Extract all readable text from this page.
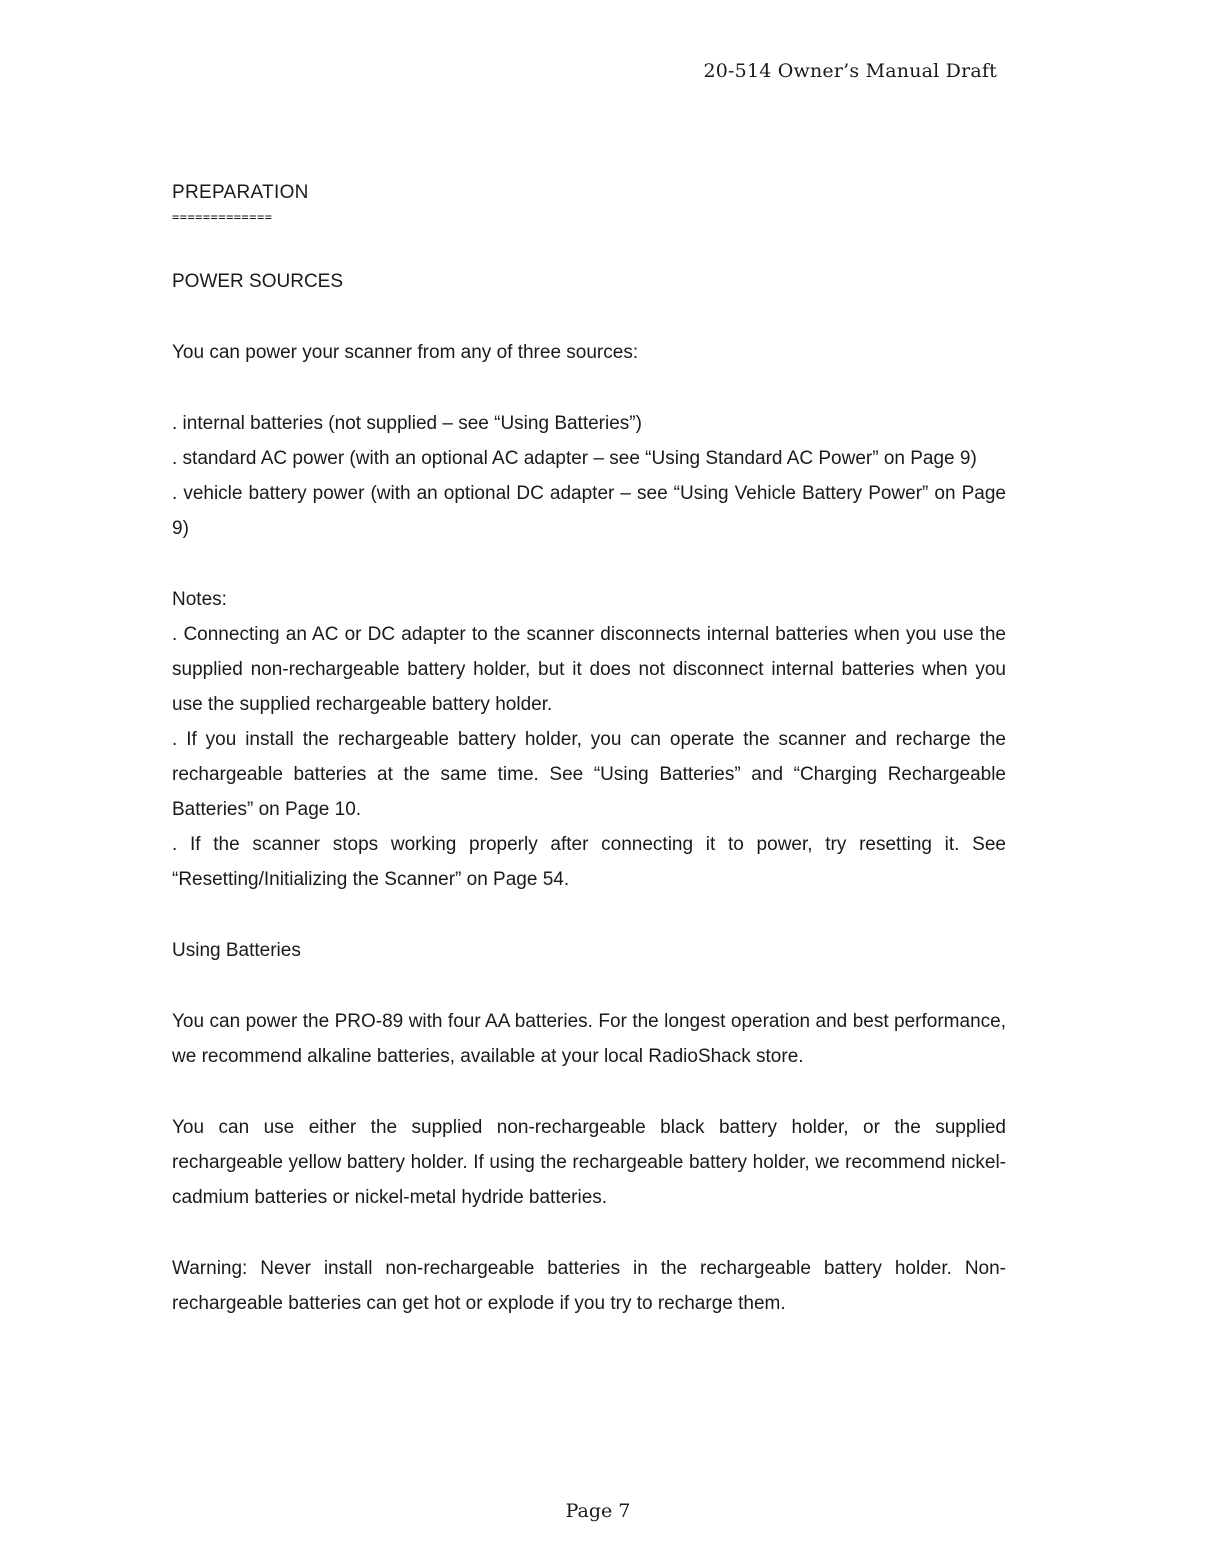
20-514 Owner’s Manual Draft
PREPARATION
=============
POWER SOURCES

You can power your scanner from any of three sources:

. internal batteries (not supplied – see “Using Batteries”)
. standard AC power (with an optional AC adapter – see “Using Standard AC Power” on Page 9)
. vehicle battery power (with an optional DC adapter – see “Using Vehicle Battery Power” on Page 9)

Notes:

. Connecting an AC or DC adapter to the scanner disconnects internal batteries when you use the supplied non-rechargeable battery holder, but it does not disconnect internal batteries when you use the supplied rechargeable battery holder.
. If you install the rechargeable battery holder, you can operate the scanner and recharge the rechargeable batteries at the same time. See “Using Batteries” and “Charging Rechargeable Batteries” on Page 10.
. If the scanner stops working properly after connecting it to power, try resetting it. See “Resetting/Initializing the Scanner” on Page 54.
Using Batteries

You can power the PRO-89 with four AA batteries. For the longest operation and best performance, we recommend alkaline batteries, available at your local RadioShack store.

You can use either the supplied non-rechargeable black battery holder, or the supplied rechargeable yellow battery holder. If using the rechargeable battery holder, we recommend nickel-cadmium batteries or nickel-metal hydride batteries.

Warning: Never install non-rechargeable batteries in the rechargeable battery holder. Non-rechargeable batteries can get hot or explode if you try to recharge them.

Page 7
